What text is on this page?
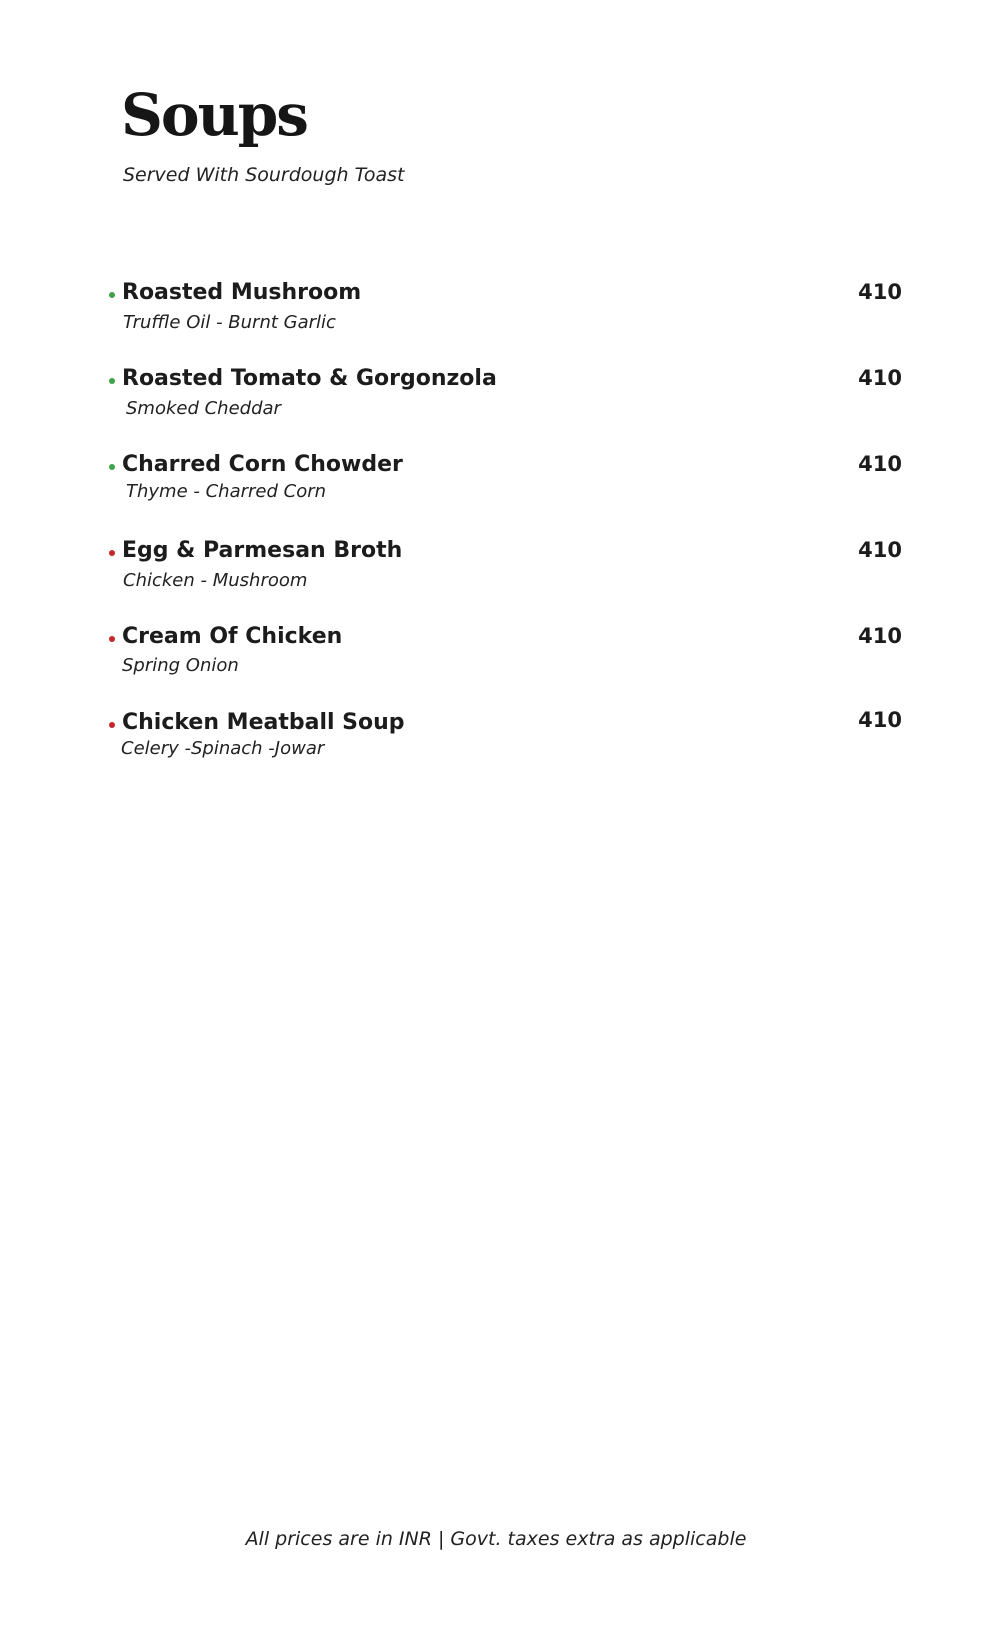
Soups
Served With Sourdough Toast
Roasted Mushroom
Truffle Oil - Burnt Garlic
410
Roasted Tomato & Gorgonzola
Smoked Cheddar
410
Charred Corn Chowder
Thyme - Charred Corn
410
Egg & Parmesan Broth
Chicken - Mushroom
410
Cream Of Chicken
Spring Onion
410
Chicken Meatball Soup
Celery -Spinach -Jowar
410
All prices are in INR | Govt. taxes extra as applicable
